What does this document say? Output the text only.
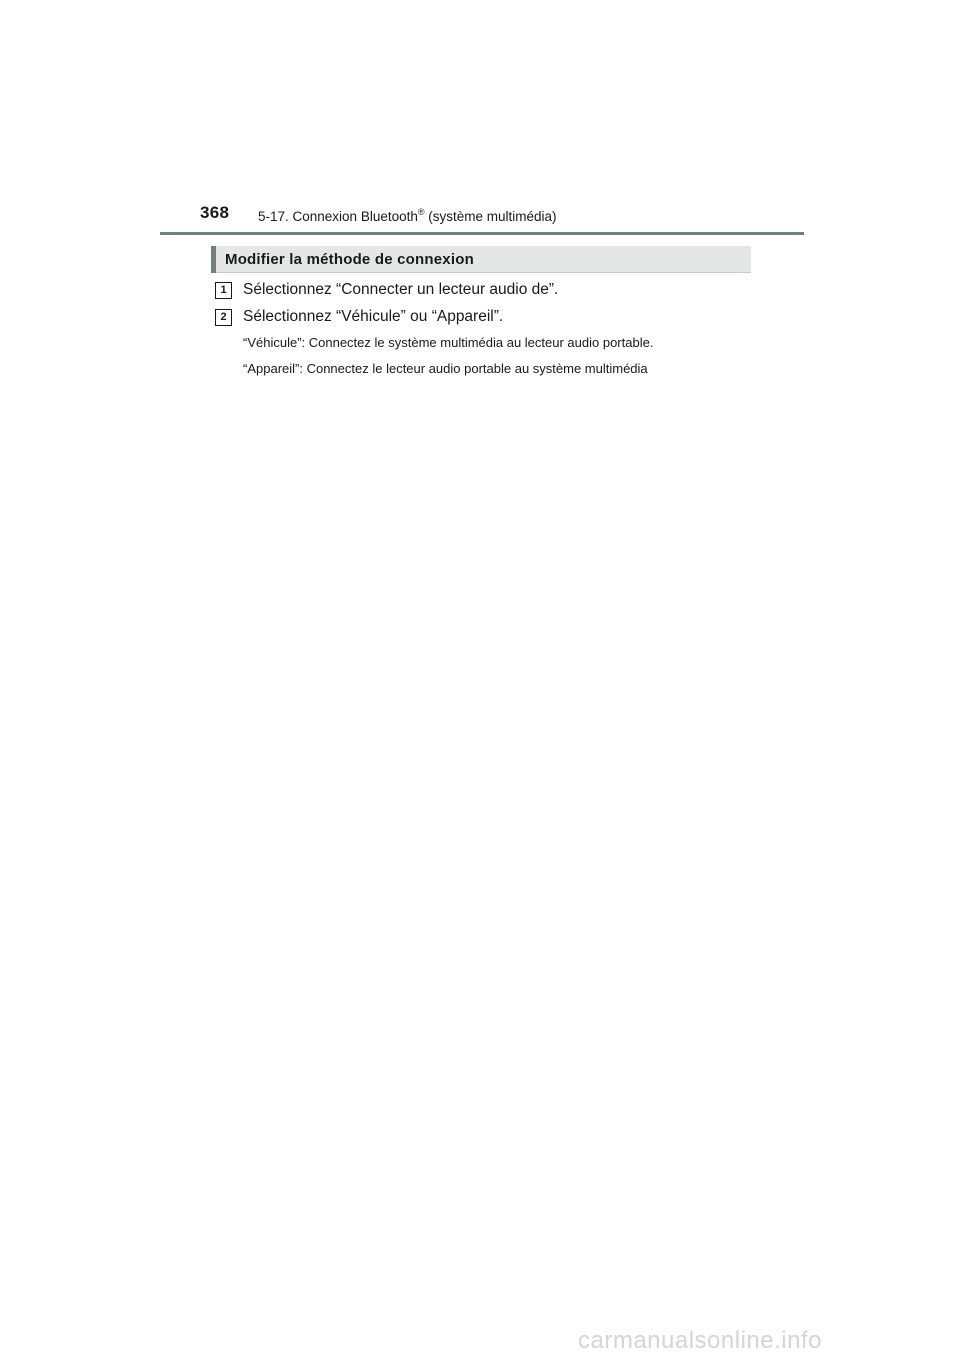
368 5-17. Connexion Bluetooth® (système multimédia)
Modifier la méthode de connexion
1	Sélectionnez “Connecter un lecteur audio de”.
2	Sélectionnez “Véhicule” ou “Appareil”.
“Véhicule”: Connectez le système multimédia au lecteur audio portable.
“Appareil”: Connectez le lecteur audio portable au système multimédia
carmanualsonline.info
